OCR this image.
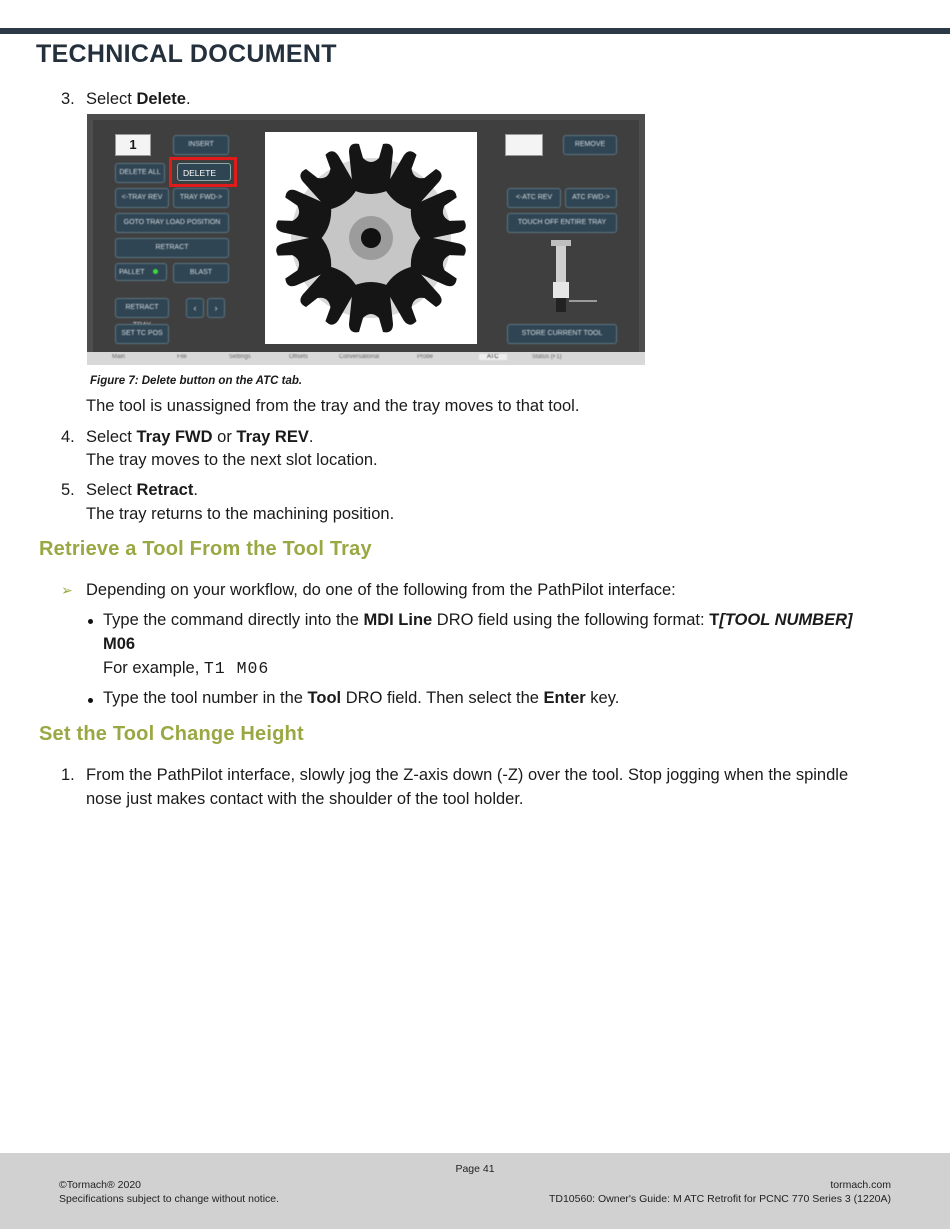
TECHNICAL DOCUMENT
3. Select Delete.
1	INSERT
DELETE ALL	DELETE
<-TRAY REV	TRAY FWD->
GOTO TRAY LOAD POSITION
RETRACT
PALLET	BLAST
RETRACT	‹	›
SET TC POS
REMOVE
<-ATC REV	ATC FWD->
TOUCH OFF ENTIRE TRAY
STORE CURRENT TOOL
Main	File	Settings	Offsets	Conversational	Probe	ATC	Status (F1)
Figure 7: Delete button on the ATC tab.
The tool is unassigned from the tray and the tray moves to that tool.
4. Select Tray FWD or Tray REV.
The tray moves to the next slot location.
5. Select Retract.
The tray returns to the machining position.
Retrieve a Tool From the Tool Tray
➢ Depending on your workflow, do one of the following from the PathPilot interface:
Type the command directly into the MDI Line DRO field using the following format: T[TOOL NUMBER]
M06
For example, T1 M06
Type the tool number in the Tool DRO field. Then select the Enter key.
Set the Tool Change Height
1. From the PathPilot interface, slowly jog the Z-axis down (-Z) over the tool. Stop jogging when the spindle
nose just makes contact with the shoulder of the tool holder.
Page 41
©Tormach® 2020
Specifications subject to change without notice.
tormach.com
TD10560: Owner's Guide: M ATC Retrofit for PCNC 770 Series 3 (1220A)
